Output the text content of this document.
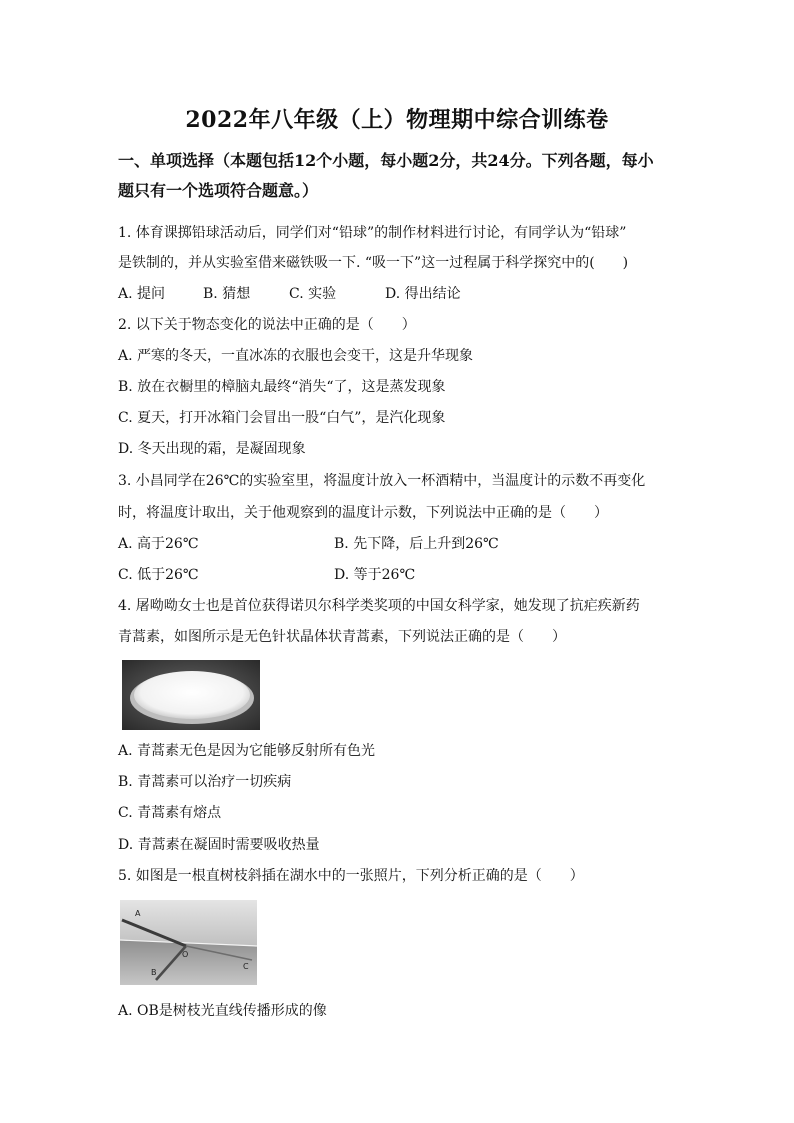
2022年八年级（上）物理期中综合训练卷
一、单项选择（本题包括12个小题，每小题2分，共24分。下列各题，每小
题只有一个选项符合题意。）
1. 体育课掷铅球活动后，同学们对“铅球”的制作材料进行讨论，有同学认为“铅球”
是铁制的，并从实验室借来磁铁吸一下. “吸一下”这一过程属于科学探究中的(　　)
A. 提问	B. 猜想	C. 实验	D. 得出结论
2. 以下关于物态变化的说法中正确的是（　　）
A. 严寒的冬天，一直冰冻的衣服也会变干，这是升华现象
B. 放在衣橱里的樟脑丸最终“消失“了，这是蒸发现象
C. 夏天，打开冰箱门会冒出一股“白气”，是汽化现象
D. 冬天出现的霜，是凝固现象
3. 小昌同学在26℃的实验室里，将温度计放入一杯酒精中，当温度计的示数不再变化
时，将温度计取出，关于他观察到的温度计示数，下列说法中正确的是（　　）
A. 高于26℃	B. 先下降，后上升到26℃
C. 低于26℃	D. 等于26℃
4. 屠呦呦女士也是首位获得诺贝尔科学类奖项的中国女科学家，她发现了抗疟疾新药
青蒿素，如图所示是无色针状晶体状青蒿素，下列说法正确的是（　　）
A. 青蒿素无色是因为它能够反射所有色光
B. 青蒿素可以治疗一切疾病
C. 青蒿素有熔点
D. 青蒿素在凝固时需要吸收热量
5. 如图是一根直树枝斜插在湖水中的一张照片，下列分析正确的是（　　）
A
O
B
C
A. OB是树枝光直线传播形成的像
